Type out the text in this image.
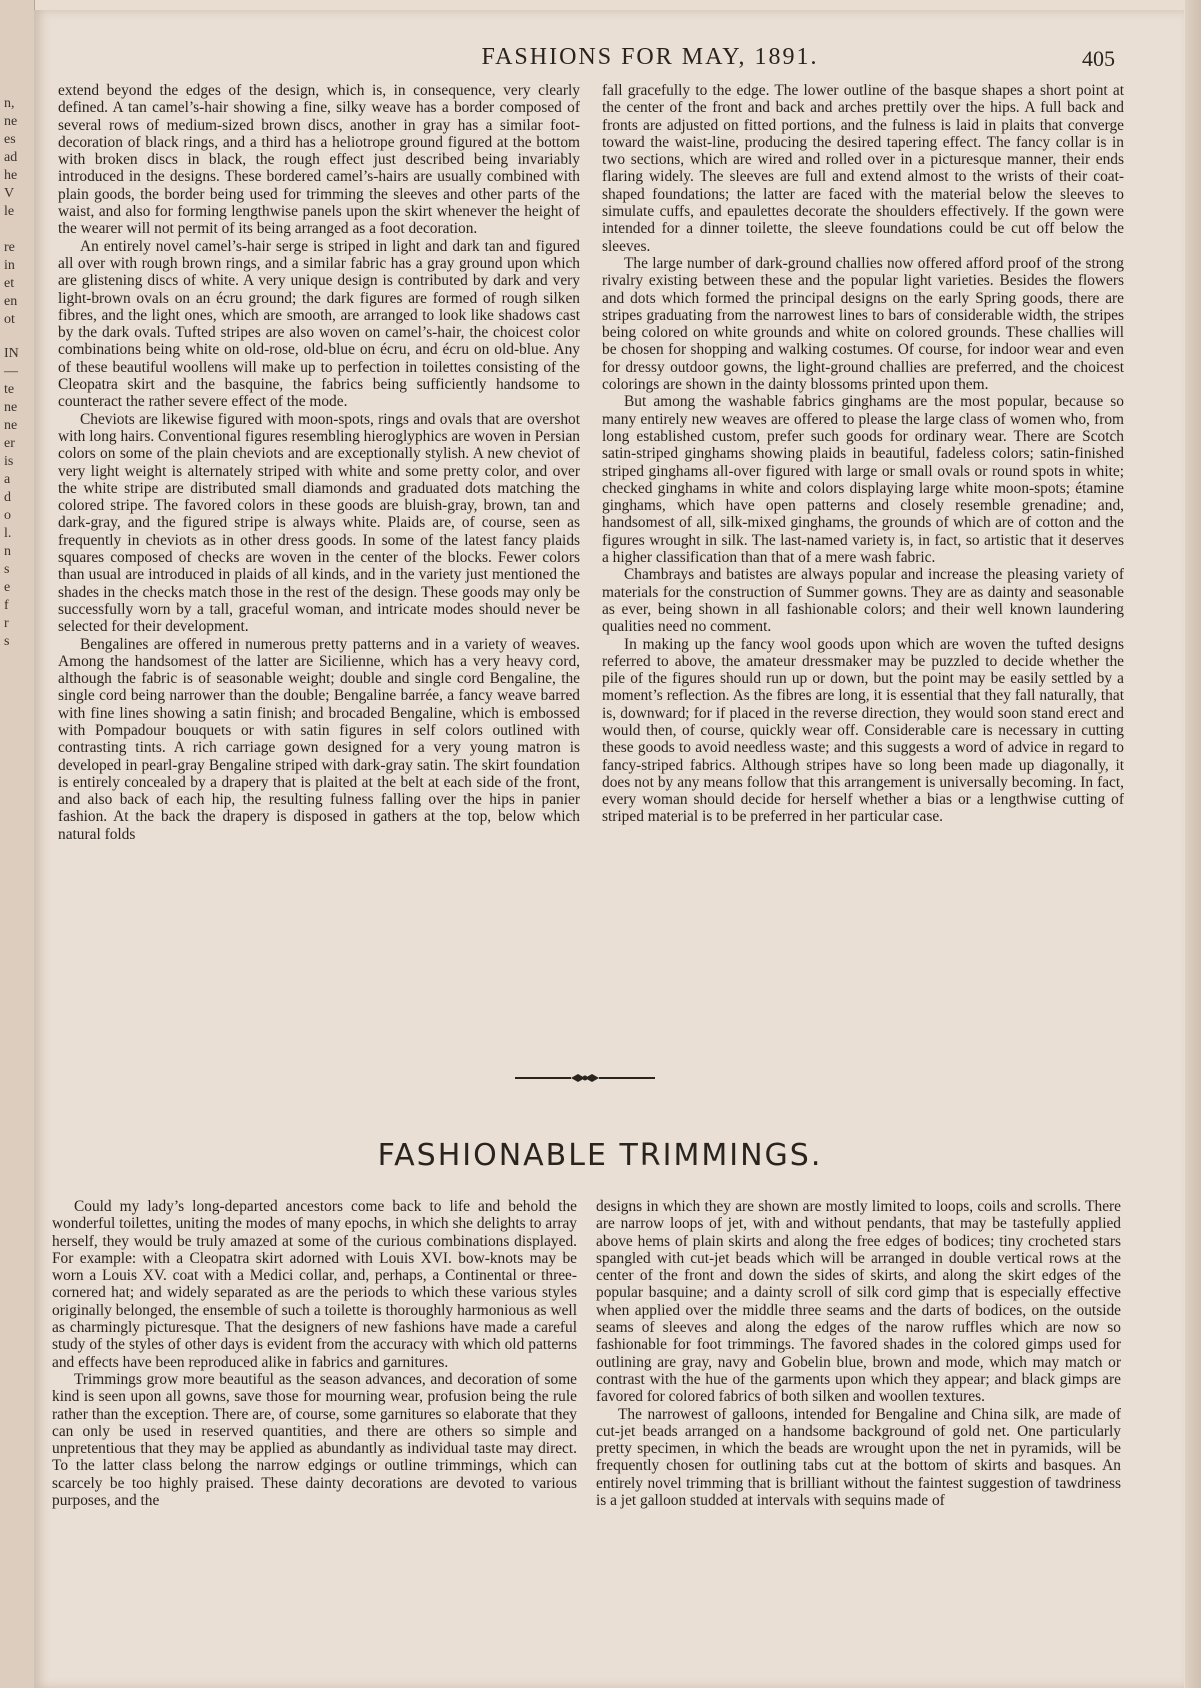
n,
ne
es
ad
he
V
le
re
in
et
en
ot
IN
—
te
ne
ne
er
is
a
d
o
l.
n
s
e
f
r
s
FASHIONS FOR MAY, 1891.	405

extend beyond the edges of the design, which is, in consequence, very clearly defined. A tan camel’s-hair showing a fine, silky weave has a border composed of several rows of medium-sized brown discs, another in gray has a similar foot-decoration of black rings, and a third has a heliotrope ground figured at the bottom with broken discs in black, the rough effect just described being invariably introduced in the designs. These bordered camel’s-hairs are usually combined with plain goods, the border being used for trimming the sleeves and other parts of the waist, and also for forming lengthwise panels upon the skirt whenever the height of the wearer will not permit of its being arranged as a foot decoration.

An entirely novel camel’s-hair serge is striped in light and dark tan and figured all over with rough brown rings, and a similar fabric has a gray ground upon which are glistening discs of white. A very unique design is contributed by dark and very light-brown ovals on an écru ground; the dark figures are formed of rough silken fibres, and the light ones, which are smooth, are arranged to look like shadows cast by the dark ovals. Tufted stripes are also woven on camel’s-hair, the choicest color combinations being white on old-rose, old-blue on écru, and écru on old-blue. Any of these beautiful woollens will make up to perfection in toilettes consisting of the Cleopatra skirt and the basquine, the fabrics being sufficiently handsome to counteract the rather severe effect of the mode.

Cheviots are likewise figured with moon-spots, rings and ovals that are overshot with long hairs. Conventional figures resembling hieroglyphics are woven in Persian colors on some of the plain cheviots and are exceptionally stylish. A new cheviot of very light weight is alternately striped with white and some pretty color, and over the white stripe are distributed small diamonds and graduated dots matching the colored stripe. The favored colors in these goods are bluish-gray, brown, tan and dark-gray, and the figured stripe is always white. Plaids are, of course, seen as frequently in cheviots as in other dress goods. In some of the latest fancy plaids squares composed of checks are woven in the center of the blocks. Fewer colors than usual are introduced in plaids of all kinds, and in the variety just mentioned the shades in the checks match those in the rest of the design. These goods may only be successfully worn by a tall, graceful woman, and intricate modes should never be selected for their development.

Bengalines are offered in numerous pretty patterns and in a variety of weaves. Among the handsomest of the latter are Sicilienne, which has a very heavy cord, although the fabric is of seasonable weight; double and single cord Bengaline, the single cord being narrower than the double; Bengaline barrée, a fancy weave barred with fine lines showing a satin finish; and brocaded Bengaline, which is embossed with Pompadour bouquets or with satin figures in self colors outlined with contrasting tints. A rich carriage gown designed for a very young matron is developed in pearl-gray Bengaline striped with dark-gray satin. The skirt foundation is entirely concealed by a drapery that is plaited at the belt at each side of the front, and also back of each hip, the resulting fulness falling over the hips in panier fashion. At the back the drapery is disposed in gathers at the top, below which natural folds

fall gracefully to the edge. The lower outline of the basque shapes a short point at the center of the front and back and arches prettily over the hips. A full back and fronts are adjusted on fitted portions, and the fulness is laid in plaits that converge toward the waist-line, producing the desired tapering effect. The fancy collar is in two sections, which are wired and rolled over in a picturesque manner, their ends flaring widely. The sleeves are full and extend almost to the wrists of their coat-shaped foundations; the latter are faced with the material below the sleeves to simulate cuffs, and epaulettes decorate the shoulders effectively. If the gown were intended for a dinner toilette, the sleeve foundations could be cut off below the sleeves.

The large number of dark-ground challies now offered afford proof of the strong rivalry existing between these and the popular light varieties. Besides the flowers and dots which formed the principal designs on the early Spring goods, there are stripes graduating from the narrowest lines to bars of considerable width, the stripes being colored on white grounds and white on colored grounds. These challies will be chosen for shopping and walking costumes. Of course, for indoor wear and even for dressy outdoor gowns, the light-ground challies are preferred, and the choicest colorings are shown in the dainty blossoms printed upon them.

But among the washable fabrics ginghams are the most popular, because so many entirely new weaves are offered to please the large class of women who, from long established custom, prefer such goods for ordinary wear. There are Scotch satin-striped ginghams showing plaids in beautiful, fadeless colors; satin-finished striped ginghams all-over figured with large or small ovals or round spots in white; checked ginghams in white and colors displaying large white moon-spots; étamine ginghams, which have open patterns and closely resemble grenadine; and, handsomest of all, silk-mixed ginghams, the grounds of which are of cotton and the figures wrought in silk. The last-named variety is, in fact, so artistic that it deserves a higher classification than that of a mere wash fabric.

Chambrays and batistes are always popular and increase the pleasing variety of materials for the construction of Summer gowns. They are as dainty and seasonable as ever, being shown in all fashionable colors; and their well known laundering qualities need no comment.

In making up the fancy wool goods upon which are woven the tufted designs referred to above, the amateur dressmaker may be puzzled to decide whether the pile of the figures should run up or down, but the point may be easily settled by a moment’s reflection. As the fibres are long, it is essential that they fall naturally, that is, downward; for if placed in the reverse direction, they would soon stand erect and would then, of course, quickly wear off. Considerable care is necessary in cutting these goods to avoid needless waste; and this suggests a word of advice in regard to fancy-striped fabrics. Although stripes have so long been made up diagonally, it does not by any means follow that this arrangement is universally becoming. In fact, every woman should decide for herself whether a bias or a lengthwise cutting of striped material is to be preferred in her particular case.

FASHIONABLE TRIMMINGS.

Could my lady’s long-departed ancestors come back to life and behold the wonderful toilettes, uniting the modes of many epochs, in which she delights to array herself, they would be truly amazed at some of the curious combinations displayed. For example: with a Cleopatra skirt adorned with Louis XVI. bow-knots may be worn a Louis XV. coat with a Medici collar, and, perhaps, a Continental or three-cornered hat; and widely separated as are the periods to which these various styles originally belonged, the ensemble of such a toilette is thoroughly harmonious as well as charmingly picturesque. That the designers of new fashions have made a careful study of the styles of other days is evident from the accuracy with which old patterns and effects have been reproduced alike in fabrics and garnitures.

Trimmings grow more beautiful as the season advances, and decoration of some kind is seen upon all gowns, save those for mourning wear, profusion being the rule rather than the exception. There are, of course, some garnitures so elaborate that they can only be used in reserved quantities, and there are others so simple and unpretentious that they may be applied as abundantly as individual taste may direct. To the latter class belong the narrow edgings or outline trimmings, which can scarcely be too highly praised. These dainty decorations are devoted to various purposes, and the

designs in which they are shown are mostly limited to loops, coils and scrolls. There are narrow loops of jet, with and without pendants, that may be tastefully applied above hems of plain skirts and along the free edges of bodices; tiny crocheted stars spangled with cut-jet beads which will be arranged in double vertical rows at the center of the front and down the sides of skirts, and along the skirt edges of the popular basquine; and a dainty scroll of silk cord gimp that is especially effective when applied over the middle three seams and the darts of bodices, on the outside seams of sleeves and along the edges of the narow ruffles which are now so fashionable for foot trimmings. The favored shades in the colored gimps used for outlining are gray, navy and Gobelin blue, brown and mode, which may match or contrast with the hue of the garments upon which they appear; and black gimps are favored for colored fabrics of both silken and woollen textures.

The narrowest of galloons, intended for Bengaline and China silk, are made of cut-jet beads arranged on a handsome background of gold net. One particularly pretty specimen, in which the beads are wrought upon the net in pyramids, will be frequently chosen for outlining tabs cut at the bottom of skirts and basques. An entirely novel trimming that is brilliant without the faintest suggestion of tawdriness is a jet galloon studded at intervals with sequins made of
